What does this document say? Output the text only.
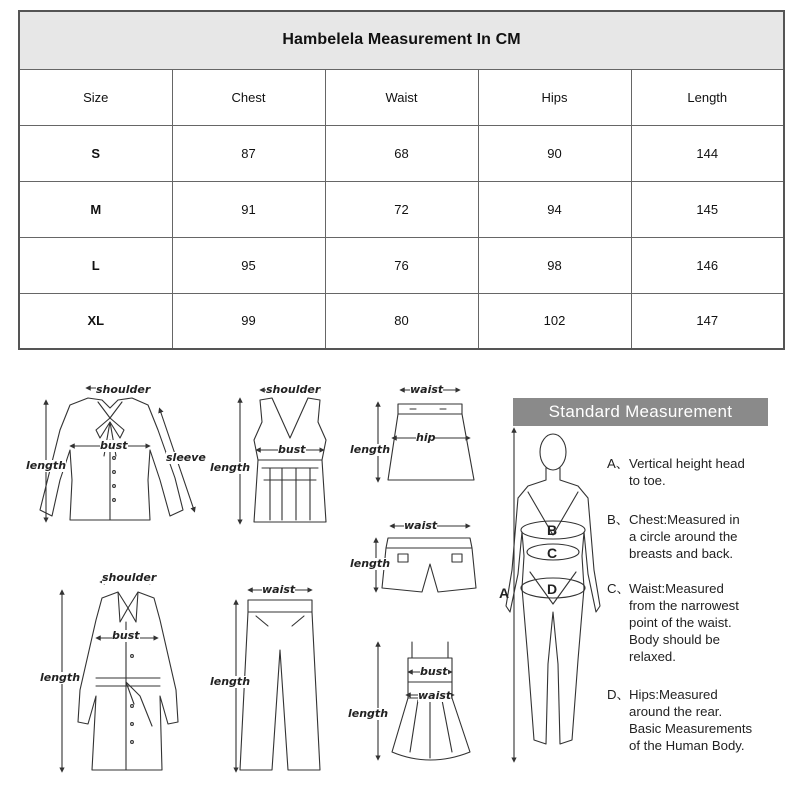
Hambelela Measurement In CM				
Size	Chest	Waist	Hips	Length
S	87	68	90	144
M	91	72	94	145
L	95	76	98	146
XL	99	80	102	147
shoulder
bust
length
sleeve
shoulder
bust
length
waist
hip
length
waist
length
shoulder
bust
length
waist
length
bust
waist
length
Standard Measurement
A
B
C
D
A、Vertical height head
to toe.
B、Chest:Measured in
a circle around the
breasts and back.
C、Waist:Measured
from the narrowest
point of the waist.
Body should be
relaxed.
D、Hips:Measured
around the rear.
Basic Measurements
of the Human Body.
